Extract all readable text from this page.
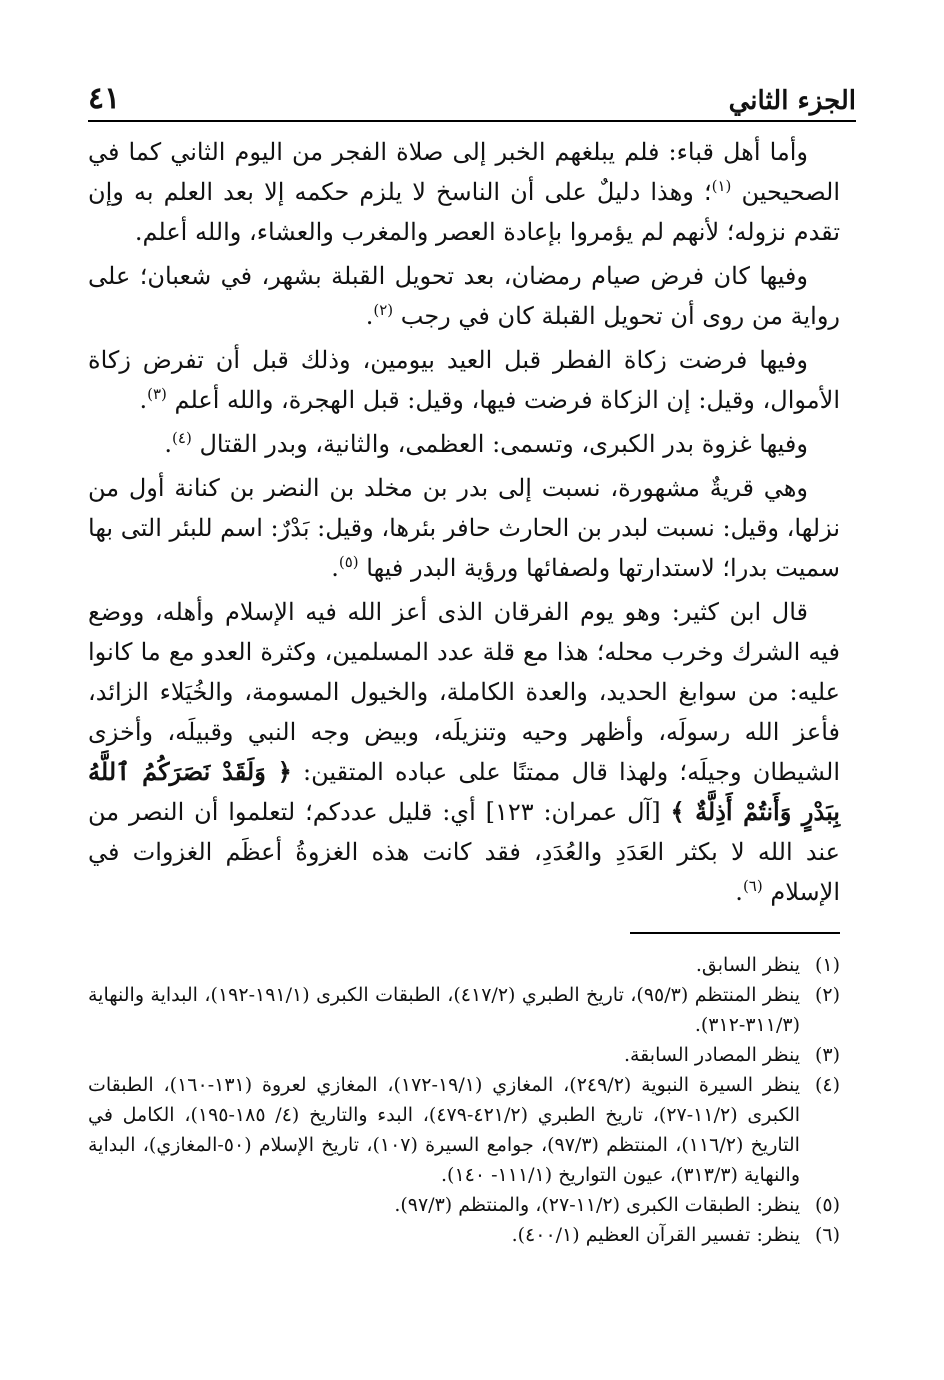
الجزء الثاني
٤١

وأما أهل قباء: فلم يبلغهم الخبر إلى صلاة الفجر من اليوم الثاني كما في الصحيحين $^{(١)}$؛ وهذا دليلٌ على أن الناسخ لا يلزم حكمه إلا بعد العلم به وإن تقدم نزوله؛ لأنهم لم يؤمروا بإعادة العصر والمغرب والعشاء، والله أعلم.

وفيها كان فرض صيام رمضان، بعد تحويل القبلة بشهر، في شعبان؛ على رواية من روى أن تحويل القبلة كان في رجب $^{(٢)}$.

وفيها فرضت زكاة الفطر قبل العيد بيومين، وذلك قبل أن تفرض زكاة الأموال، وقيل: إن الزكاة فرضت فيها، وقيل: قبل الهجرة، والله أعلم $^{(٣)}$.

وفيها غزوة بدر الكبرى، وتسمى: العظمى، والثانية، وبدر القتال $^{(٤)}$.

وهي قريةٌ مشهورة، نسبت إلى بدر بن مخلد بن النضر بن كنانة أول من نزلها، وقيل: نسبت لبدر بن الحارث حافر بئرها، وقيل: بَدْرٌ: اسم للبئر التى بها سميت بدرا؛ لاستدارتها ولصفائها ورؤية البدر فيها $^{(٥)}$.

قال ابن كثير: وهو يوم الفرقان الذى أعز الله فيه الإسلام وأهله، ووضع فيه الشرك وخرب محله؛ هذا مع قلة عدد المسلمين، وكثرة العدو مع ما كانوا عليه: من سوابغ الحديد، والعدة الكاملة، والخيول المسومة، والخُيَلاء الزائد، فأعز الله رسولَه، وأظهر وحيه وتنزيلَه، وبيض وجه النبي وقبيلَه، وأخزى الشيطان وجيلَه؛ ولهذا قال ممتنًا على عباده المتقين: ﴿ وَلَقَدْ نَصَرَكُمُ ٱللَّهُ بِبَدْرٍ وَأَنتُمْ أَذِلَّةٌ ﴾ [آل عمران: ١٢٣] أي: قليل عددكم؛ لتعلموا أن النصر من عند الله لا بكثر العَدَدِ والعُدَدِ، فقد كانت هذه الغزوةُ أعظَم الغزوات في الإسلام $^{(٦)}$.

(١)
ينظر السابق.
(٢)
ينظر المنتظم (٩٥/٣)، تاريخ الطبري (٤١٧/٢)، الطبقات الكبرى (١٩١/١-١٩٢)، البداية والنهاية (٣١١/٣-٣١٢).
(٣)
ينظر المصادر السابقة.
(٤)
ينظر السيرة النبوية (٢٤٩/٢)، المغازي (١٩/١-١٧٢)، المغازي لعروة (١٣١-١٦٠)، الطبقات الكبرى (١١/٢-٢٧)، تاريخ الطبري (٤٢١/٢-٤٧٩)، البدء والتاريخ (٤/ ١٨٥-١٩٥)، الكامل في التاريخ (١١٦/٢)، المنتظم (٩٧/٣)، جوامع السيرة (١٠٧)، تاريخ الإسلام (٥٠-المغازي)، البداية والنهاية (٣١٣/٣)، عيون التواريخ (١١١/١- ١٤٠).
(٥)
ينظر: الطبقات الكبرى (١١/٢-٢٧)، والمنتظم (٩٧/٣).
(٦)
ينظر: تفسير القرآن العظيم (٤٠٠/١).
